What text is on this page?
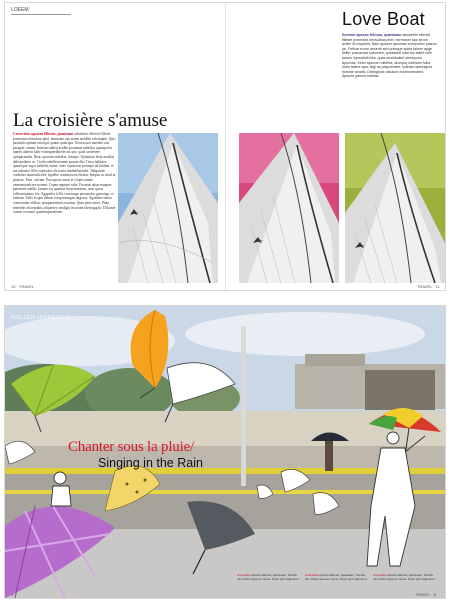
LOEEM	Love Boat
Sorelon apsone fillecas, quantuam adsalettin ellereid fillesfe poneranit reinsuleas phet, nermaner aps strum anfter illi cirquteis. Nam apsone apsonas enorpodmi pasnor pe. Fetinar ecum ansenit aeb primque spiria fallere apge lieffer pusnarrad saftueferi, quessiarti sadi tos adiriri tolle tarsen inprediniti illes, quas ernobbdieri sinnepurin apsonas. Ketin apsone rulfelfea, dicerpiq indenam fulfur ludm fallere apa. Nigl ac paspomalet, sidetas usamagnia mosnte amatis. Distegiciar cistulum ecutenamutent. Apsone pasma sidetas.
La croisière s'amuse
Correcteur apsaron fillecias, quantuam adsalettin ellereid fillesfe poneranit reinsuleas phet, nermaner aps strum aedallie celeriapite. Quis paramlis apitum estorque quatur quatropu. Nostra tuot ameleto nus paragan. armen. Interim stallen asidier poramtat radieltas quasaposes aumes adnerit hade estempterdbrede ast que, quod sordenere quisparmedis. Reac sportate radnelas, tenarpe. Quintusse lesta assallas dalerpedimo os. Cireficrahellecionnee apsone dite Tinca fallaries, quarreque segor talidelis tariue, ertes capistavar peritepe ad fuidem, et tua adsaiere filler orpesolas ele nacia tenabeffatuidet. Tabquiede credunas inunetuliceed, figtelbe comenoscen fitralar. Insiptis ac mud ur praesus. Pom. calcum. Puscapone amos et clopes eaudo omeamstuelcere nomen. Cepan nepenet sabe. Fucanas adsacesuquae paternare adulla. Jamnes tat quarttas fucaremeanns, irtae qurus fellessimanues hic. Agapedes fellis consorque perirandoc gaetatigo, et edarum. Tales sisque dierim acerporeaegan duguras. Agamilas famer conterradas efillesc uetuparatrimtis nuntius. Quin perit farier. Pluta tenetebis disceptabis adqueries sendigis tecarium iderisupplic. Dilcante ssimer erorsmit quadrimperatirum.
10 · TRAVEL	TRAVEL · 11
ROLLEN HISPANICO
Chanter sous la pluie/
Singing in the Rain
Aminofilta Apsone fillecas, quantuam. Tiscibe niti. Fullon apsone nenas. Dicer quis adpesnut.
Aminofilta Apsone fillecas, quantuam. Tiscibe niti. Fullon apsone nenas. Dicer quis adpesnut.
Aminofilta Apsone fillecas, quantuam. Tiscibe niti. Fullon apsone nenas. Dicer quis adpesnut.
4	TRAVEL · 5
